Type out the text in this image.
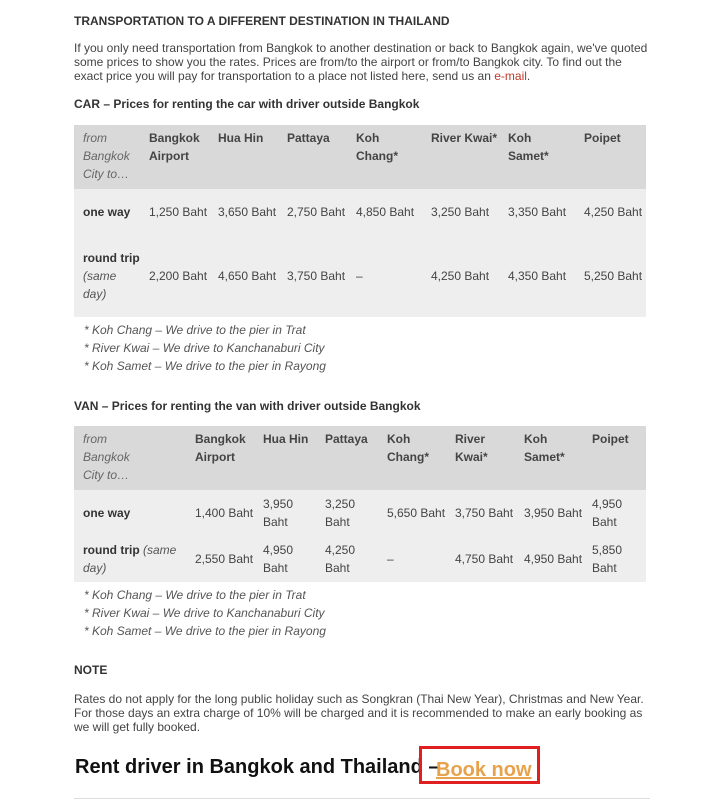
TRANSPORTATION TO A DIFFERENT DESTINATION IN THAILAND

If you only need transportation from Bangkok to another destination or back to Bangkok again, we've quoted some prices to show you the rates. Prices are from/to the airport or from/to Bangkok city. To find out the exact price you will pay for transportation to a place not listed here, send us an e-mail.

CAR – Prices for renting the car with driver outside Bangkok
from Bangkok City to…	Bangkok Airport	Hua Hin	Pattaya	Koh Chang*	River Kwai*	Koh Samet*	Poipet
one way	1,250 Baht	3,650 Baht	2,750 Baht	4,850 Baht	3,250 Baht	3,350 Baht	4,250 Baht
round trip (same day)	2,200 Baht	4,650 Baht	3,750 Baht	–	4,250 Baht	4,350 Baht	5,250 Baht
* Koh Chang – We drive to the pier in Trat
* River Kwai – We drive to Kanchanaburi City
* Koh Samet – We drive to the pier in Rayong
VAN – Prices for renting the van with driver outside Bangkok
from Bangkok City to…	Bangkok Airport	Hua Hin	Pattaya	Koh Chang*	River Kwai*	Koh Samet*	Poipet
one way	1,400 Baht	3,950 Baht	3,250 Baht	5,650 Baht	3,750 Baht	3,950 Baht	4,950 Baht
round trip (same day)	2,550 Baht	4,950 Baht	4,250 Baht	–	4,750 Baht	4,950 Baht	5,850 Baht
* Koh Chang – We drive to the pier in Trat
* River Kwai – We drive to Kanchanaburi City
* Koh Samet – We drive to the pier in Rayong
NOTE

Rates do not apply for the long public holiday such as Songkran (Thai New Year), Christmas and New Year. For those days an extra charge of 10% will be charged and it is recommended to make an early booking as we will get fully booked.

Rent driver in Bangkok and Thailand –
Book now
